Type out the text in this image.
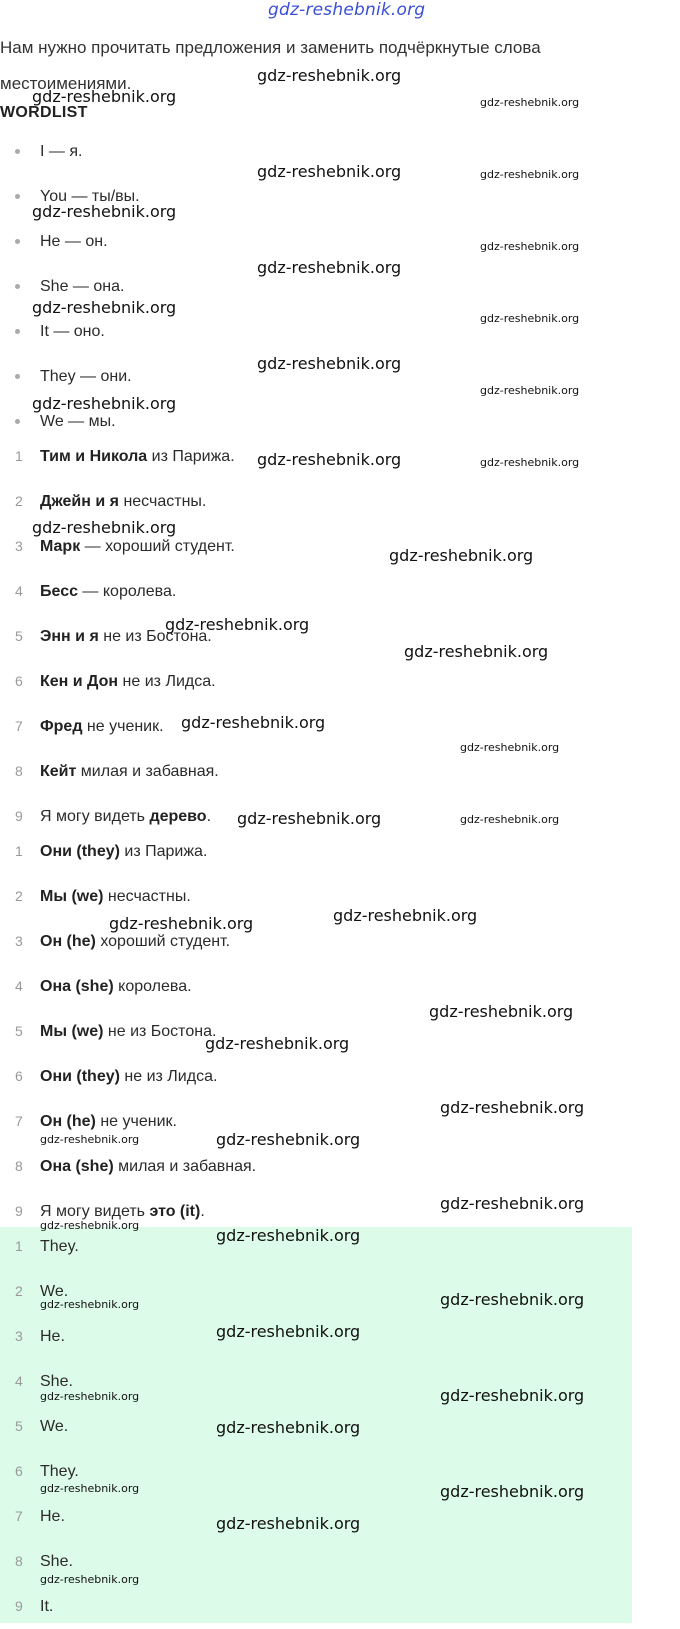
gdz-reshebnik.org
Нам нужно прочитать предложения и заменить подчёркнутые слова местоимениями.
WORDLIST
I — я.
You — ты/вы.
He — он.
She — она.
It — оно.
They — они.
We — мы.
1	Тим и Никола из Парижа.
2	Джейн и я несчастны.
3	Марк — хороший студент.
4	Бесс — королева.
5	Энн и я не из Бостона.
6	Кен и Дон не из Лидса.
7	Фред не ученик.
8	Кейт милая и забавная.
9	Я могу видеть дерево.
1	Они (they) из Парижа.
2	Мы (we) несчастны.
3	Он (he) хороший студент.
4	Она (she) королева.
5	Мы (we) не из Бостона.
6	Они (they) не из Лидса.
7	Он (he) не ученик.
8	Она (she) милая и забавная.
9	Я могу видеть это (it).
1	They.
2	We.
3	He.
4	She.
5	We.
6	They.
7	He.
8	She.
9	It.
gdz-reshebnik.org
gdz-reshebnik.org	gdz-reshebnik.org
gdz-reshebnik.org	gdz-reshebnik.org
gdz-reshebnik.org
gdz-reshebnik.org
gdz-reshebnik.org
gdz-reshebnik.org
gdz-reshebnik.org
gdz-reshebnik.org
gdz-reshebnik.org
gdz-reshebnik.org
gdz-reshebnik.org	gdz-reshebnik.org
gdz-reshebnik.org
gdz-reshebnik.org
gdz-reshebnik.org
gdz-reshebnik.org
gdz-reshebnik.org
gdz-reshebnik.org
gdz-reshebnik.org	gdz-reshebnik.org
gdz-reshebnik.org
gdz-reshebnik.org
gdz-reshebnik.org
gdz-reshebnik.org
gdz-reshebnik.org
gdz-reshebnik.org	gdz-reshebnik.org
gdz-reshebnik.org
gdz-reshebnik.org
gdz-reshebnik.org
gdz-reshebnik.org
gdz-reshebnik.org
gdz-reshebnik.org
gdz-reshebnik.org
gdz-reshebnik.org
gdz-reshebnik.org
gdz-reshebnik.org	gdz-reshebnik.org
gdz-reshebnik.org
gdz-reshebnik.org
